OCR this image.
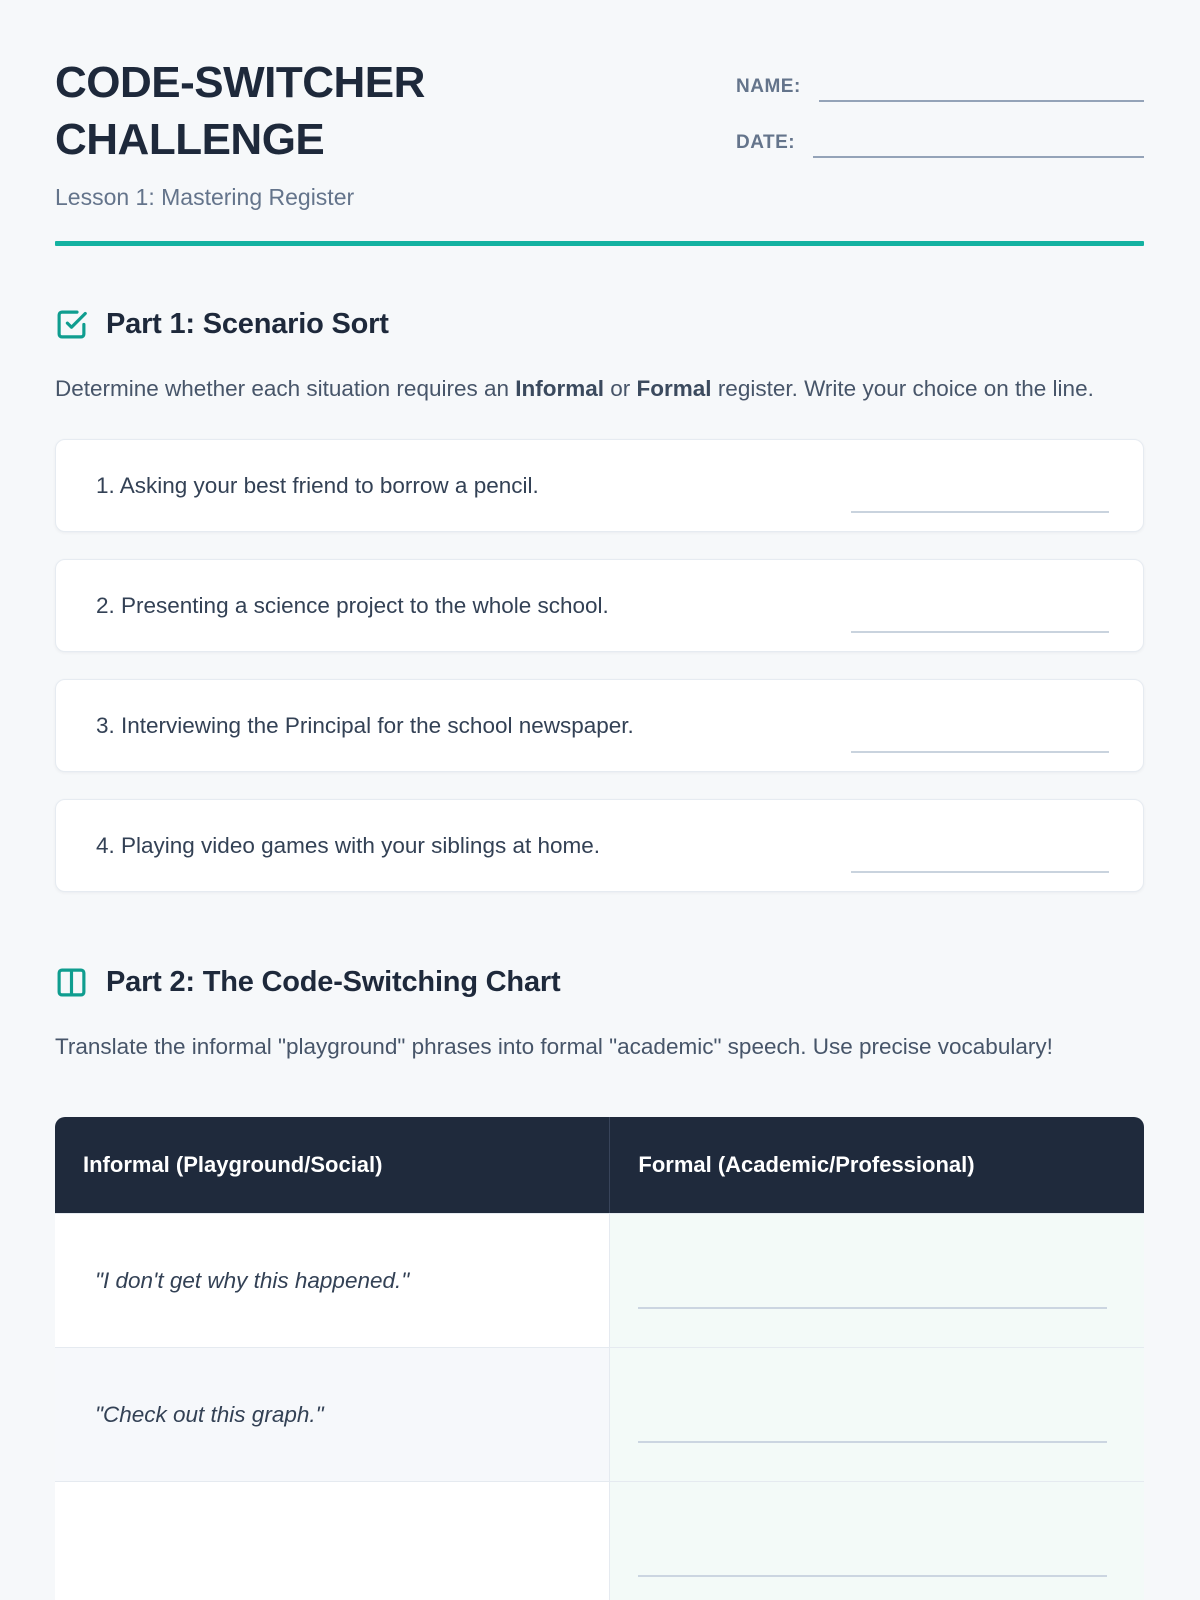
CODE-SWITCHER CHALLENGE
Lesson 1: Mastering Register
NAME:
DATE:
Part 1: Scenario Sort

Determine whether each situation requires an Informal or Formal register. Write your choice on the line.

1. Asking your best friend to borrow a pencil.
2. Presenting a science project to the whole school.
3. Interviewing the Principal for the school newspaper.
4. Playing video games with your siblings at home.
Part 2: The Code-Switching Chart

Translate the informal "playground" phrases into formal "academic" speech. Use precise vocabulary!

Informal (Playground/Social)	Formal (Academic/Professional)
"I don't get why this happened."	

"Check out this graph."	
